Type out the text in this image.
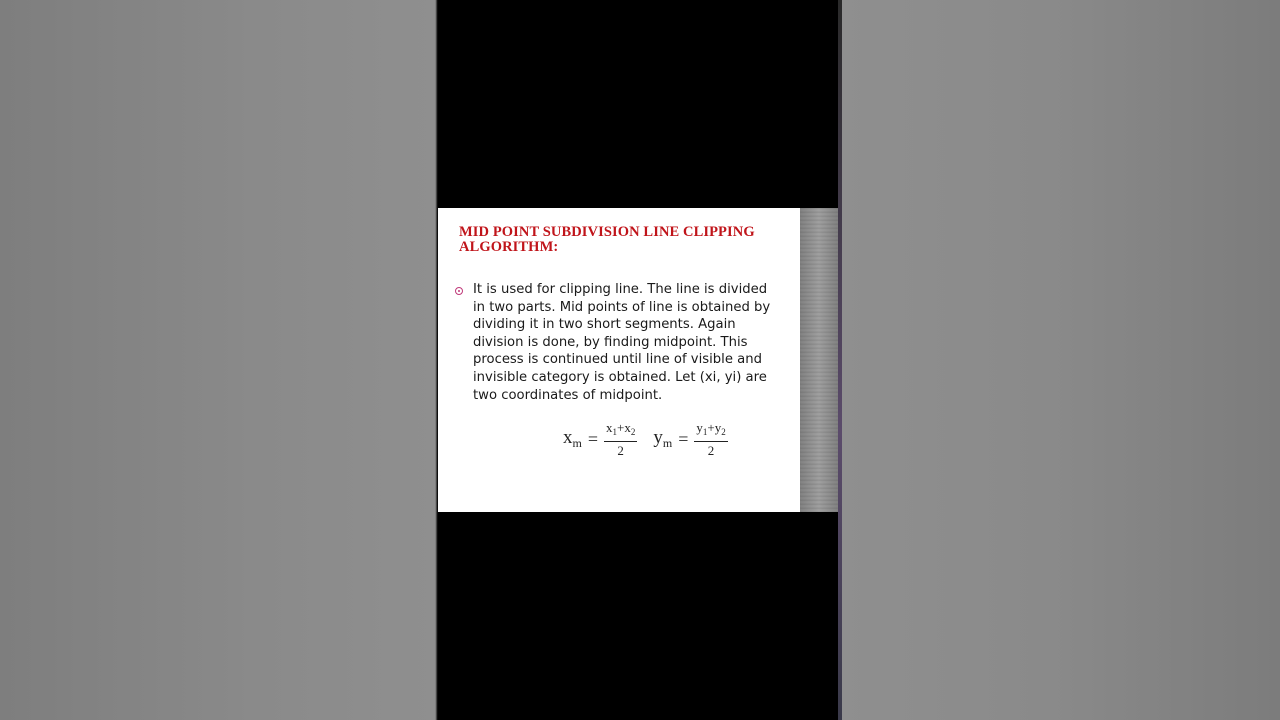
MID POINT SUBDIVISION LINE CLIPPING ALGORITHM:
It is used for clipping line. The line is divided in two parts. Mid points of line is obtained by dividing it in two short segments. Again division is done, by finding midpoint. This process is continued until line of visible and invisible category is obtained. Let (xi, yi) are two coordinates of midpoint.
$x_m = \frac{x_1+x_2}{2} y_m = \frac{y_1+y_2}{2}$
